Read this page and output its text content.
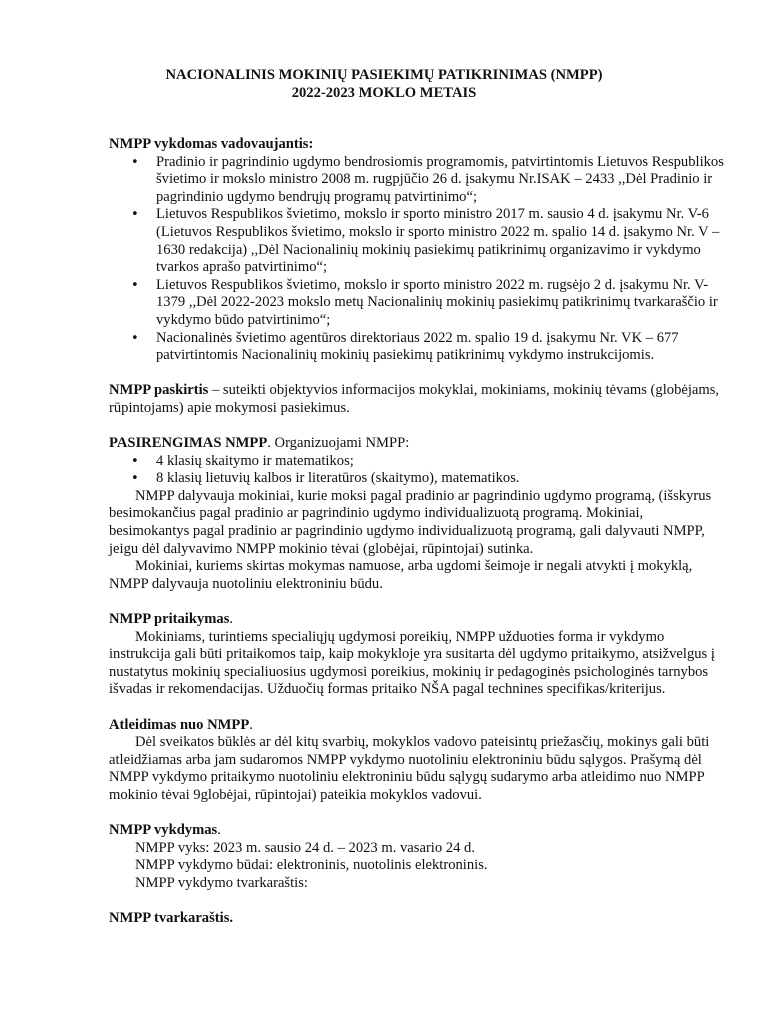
NACIONALINIS MOKINIŲ PASIEKIMŲ PATIKRINIMAS (NMPP)
2022-2023 MOKLO METAIS

NMPP vykdomas vadovaujantis:

• Pradinio ir pagrindinio ugdymo bendrosiomis programomis, patvirtintomis Lietuvos Respublikos švietimo ir mokslo ministro 2008 m. rugpjūčio 26 d. įsakymu Nr.ISAK – 2433 ,,Dėl Pradinio ir pagrindinio ugdymo bendrųjų programų patvirtinimo“;
• Lietuvos Respublikos švietimo, mokslo ir sporto ministro 2017 m. sausio 4 d. įsakymu Nr. V-6 (Lietuvos Respublikos švietimo, mokslo ir sporto ministro 2022 m. spalio 14 d. įsakymo Nr. V – 1630 redakcija) ,,Dėl Nacionalinių mokinių pasiekimų patikrinimų organizavimo ir vykdymo tvarkos aprašo patvirtinimo“;
• Lietuvos Respublikos švietimo, mokslo ir sporto ministro 2022 m. rugsėjo 2 d. įsakymu Nr. V- 1379 ,,Dėl 2022-2023 mokslo metų Nacionalinių mokinių pasiekimų patikrinimų tvarkaraščio ir vykdymo būdo patvirtinimo“;
• Nacionalinės švietimo agentūros direktoriaus 2022 m. spalio 19 d. įsakymu Nr. VK – 677 patvirtintomis Nacionalinių mokinių pasiekimų patikrinimų vykdymo instrukcijomis.

NMPP paskirtis – suteikti objektyvios informacijos mokyklai, mokiniams, mokinių tėvams (globėjams, rūpintojams) apie mokymosi pasiekimus.

PASIRENGIMAS NMPP. Organizuojami NMPP:

• 4 klasių skaitymo ir matematikos;
• 8 klasių lietuvių kalbos ir literatūros (skaitymo), matematikos.

NMPP dalyvauja mokiniai, kurie moksi pagal pradinio ar pagrindinio ugdymo programą, (išskyrus besimokančius pagal pradinio ar pagrindinio ugdymo individualizuotą programą. Mokiniai, besimokantys pagal pradinio ar pagrindinio ugdymo individualizuotą programą, gali dalyvauti NMPP, jeigu dėl dalyvavimo NMPP mokinio tėvai (globėjai, rūpintojai) sutinka.

Mokiniai, kuriems skirtas mokymas namuose, arba ugdomi šeimoje ir negali atvykti į mokyklą, NMPP dalyvauja nuotoliniu elektroniniu būdu.

NMPP pritaikymas.

Mokiniams, turintiems specialiųjų ugdymosi poreikių, NMPP užduoties forma ir vykdymo instrukcija gali būti pritaikomos taip, kaip mokykloje yra susitarta dėl ugdymo pritaikymo, atsižvelgus į nustatytus mokinių specialiuosius ugdymosi poreikius, mokinių ir pedagoginės psichologinės tarnybos išvadas ir rekomendacijas. Užduočių formas pritaiko NŠA pagal technines specifikas/kriterijus.

Atleidimas nuo NMPP.

Dėl sveikatos būklės ar dėl kitų svarbių, mokyklos vadovo pateisintų priežasčių, mokinys gali būti atleidžiamas arba jam sudaromos NMPP vykdymo nuotoliniu elektroniniu būdu sąlygos. Prašymą dėl NMPP vykdymo pritaikymo nuotoliniu elektroniniu būdu sąlygų sudarymo arba atleidimo nuo NMPP mokinio tėvai 9globėjai, rūpintojai) pateikia mokyklos vadovui.

NMPP vykdymas.

NMPP vyks: 2023 m. sausio 24 d. – 2023 m. vasario 24 d.

NMPP vykdymo būdai: elektroninis, nuotolinis elektroninis.

NMPP vykdymo tvarkaraštis:

NMPP tvarkaraštis.
